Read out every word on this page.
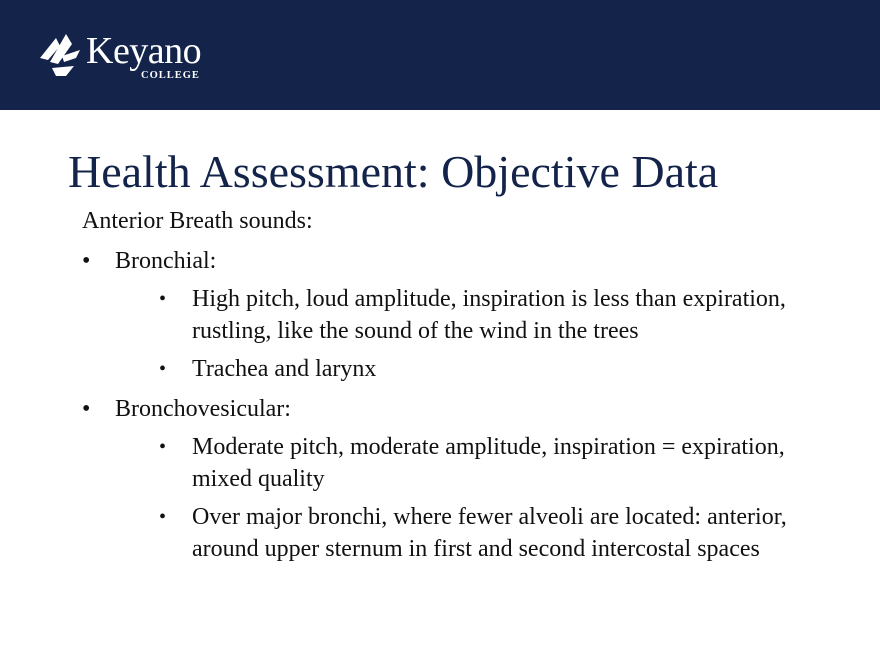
Keyano
COLLEGE
Health Assessment: Objective Data
Anterior Breath sounds:
• Bronchial:
• High pitch, loud amplitude, inspiration is less than expiration, rustling, like the sound of the wind in the trees
• Trachea and larynx
• Bronchovesicular:
• Moderate pitch, moderate amplitude, inspiration = expiration, mixed quality
• Over major bronchi, where fewer alveoli are located: anterior, around upper sternum in first and second intercostal spaces
